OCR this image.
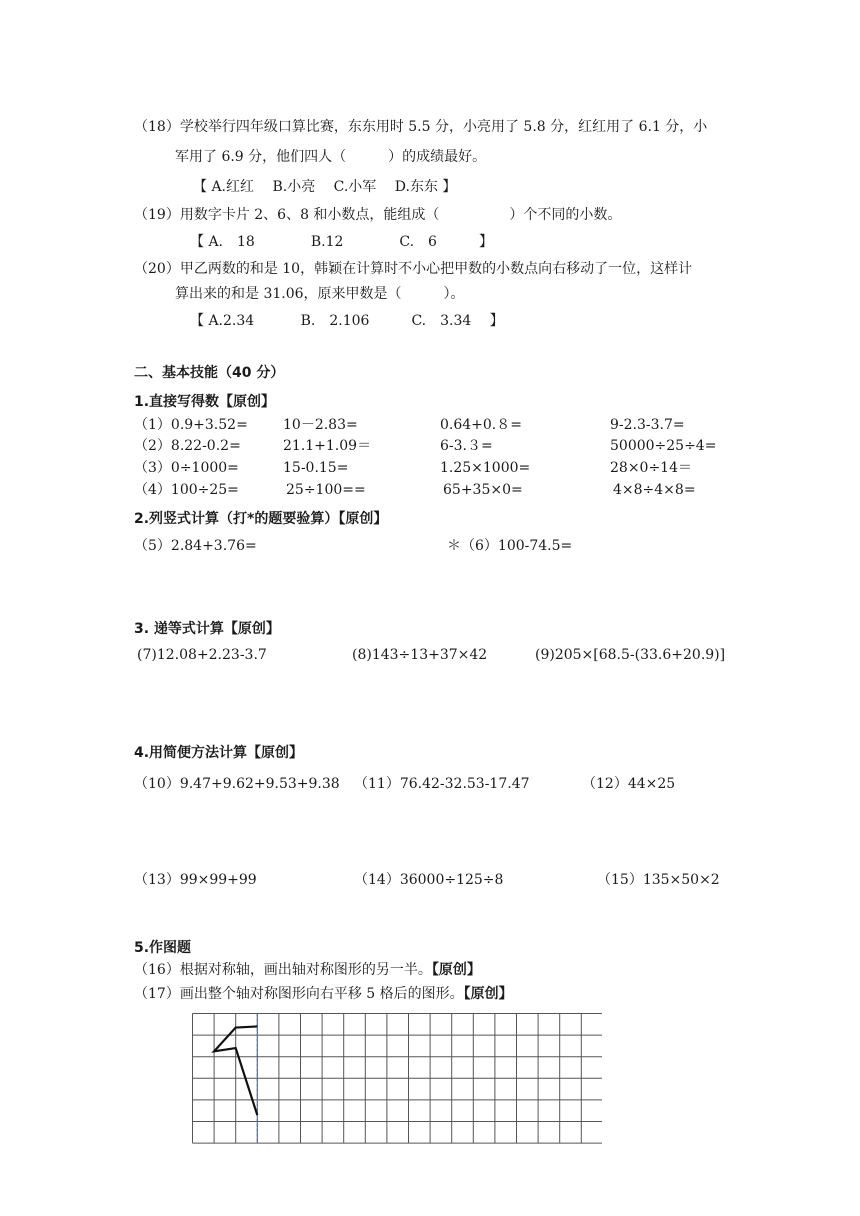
（18）学校举行四年级口算比赛，东东用时 5.5 分，小亮用了 5.8 分，红红用了 6.1 分，小
军用了 6.9 分，他们四人（　　　）的成绩最好。
【 A.红红　 B.小亮　 C.小军　 D.东东 】
（19）用数字卡片 2、6、8 和小数点，能组成（　　　　　）个不同的小数。
【 A.　18　　　　B.12　　　　C.　6　　　】
（20）甲乙两数的和是 10，韩颖在计算时不小心把甲数的小数点向右移动了一位，这样计
算出来的和是 31.06，原来甲数是（　　　）。
【 A.2.34　　　 B.　2.106　　　C.　3.34　 】
二、基本技能（40 分）
1.直接写得数【原创】
（1）0.9+3.52=	10－2.83=	0.64+0.８=	9-2.3-3.7=
（2）8.22-0.2=	21.1+1.09＝	6-3.３=	50000÷25÷4=
（3）0÷1000=	15-0.15=	1.25×1000=	28×0÷14＝
（4）100÷25=	25÷100==	65+35×0=	4×8÷4×8=
2.列竖式计算（打*的题要验算）【原创】
（5）2.84+3.76=	＊（6）100-74.5=
3. 递等式计算【原创】
(7)12.08+2.23-3.7	(8)143÷13+37×42	(9)205×[68.5-(33.6+20.9)]
4.用简便方法计算【原创】
（10）9.47+9.62+9.53+9.38 （11）76.42-32.53-17.47	（12）44×25
（13）99×99+99	（14）36000÷125÷8	（15）135×50×2
5.作图题
（16）根据对称轴，画出轴对称图形的另一半。【原创】
（17）画出整个轴对称图形向右平移 5 格后的图形。【原创】
